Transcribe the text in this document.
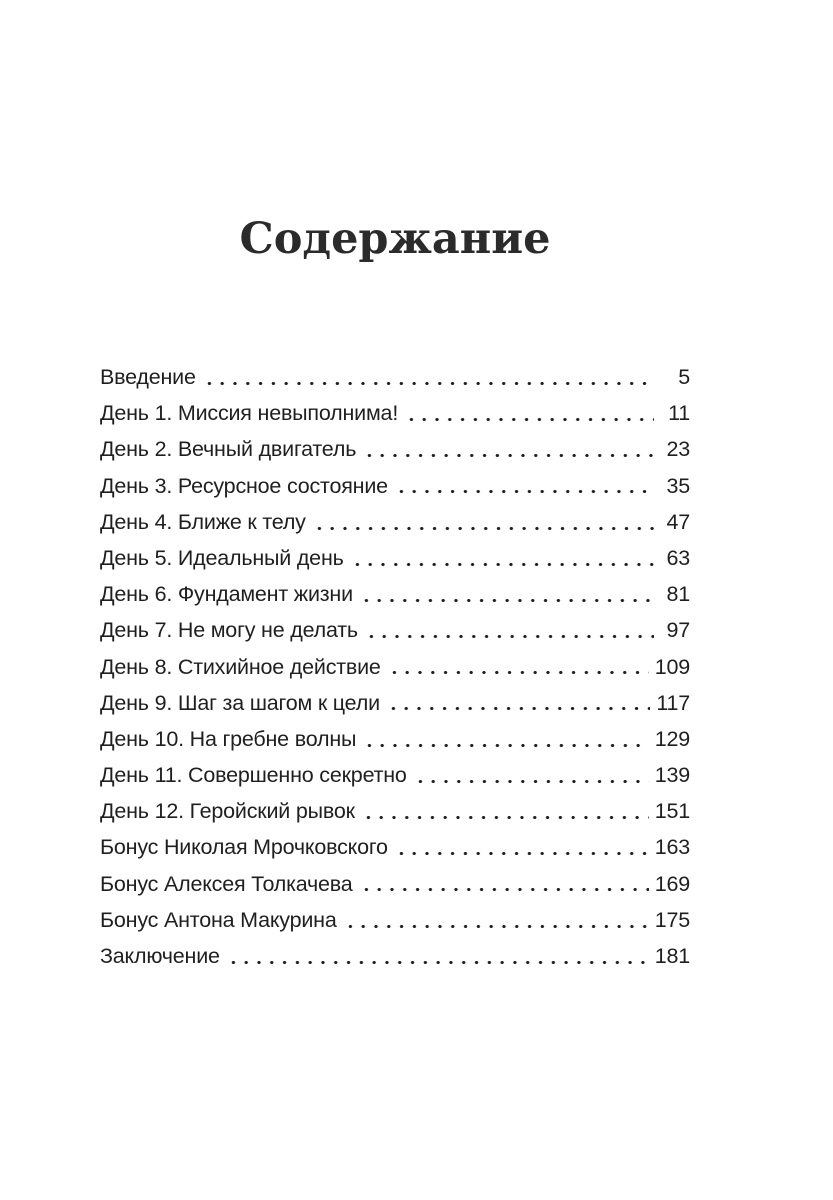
Содержание
Введение	5
День 1. Миссия невыполнима!	11
День 2. Вечный двигатель	23
День 3. Ресурсное состояние	35
День 4. Ближе к телу	47
День 5. Идеальный день	63
День 6. Фундамент жизни	81
День 7. Не могу не делать	97
День 8. Стихийное действие	109
День 9. Шаг за шагом к цели	117
День 10. На гребне волны	129
День 11. Совершенно секретно	139
День 12. Геройский рывок	151
Бонус Николая Мрочковского	163
Бонус Алексея Толкачева	169
Бонус Антона Макурина	175
Заключение	181
